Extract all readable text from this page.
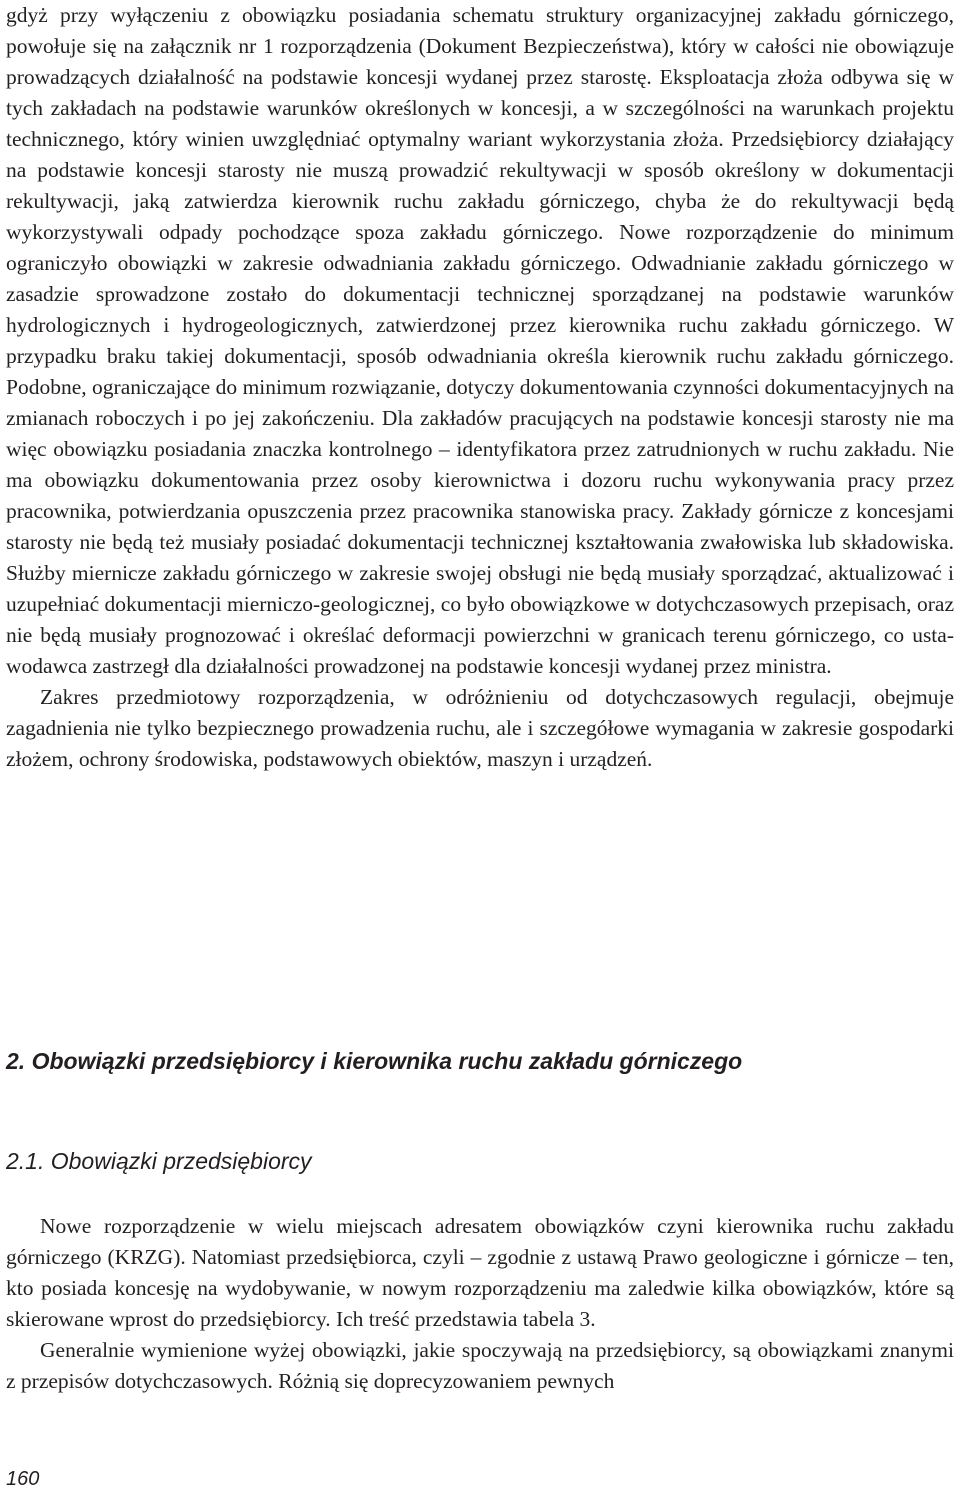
gdyż przy wyłączeniu z obowiązku posiadania schematu struktury organizacyjnej zakładu górniczego, powołuje się na załącznik nr 1 rozporządzenia (Dokument Bezpieczeństwa), który w całości nie obowiązuje prowadzących działalność na podstawie koncesji wydanej przez starostę. Eksploatacja złoża odbywa się w tych zakładach na podstawie warunków określonych w koncesji, a w szczególności na warunkach projektu technicznego, który winien uwzględniać optymalny wariant wykorzystania złoża. Przedsiębiorcy działający na podstawie koncesji starosty nie muszą prowadzić rekultywacji w sposób określony w dokumentacji rekultywacji, jaką zatwierdza kierownik ruchu zakładu górniczego, chyba że do rekultywacji będą wykorzystywali odpady pochodzące spoza zakładu górniczego. Nowe rozporządzenie do minimum ograniczyło obowiązki w zakresie odwadniania zakładu górniczego. Odwadnianie zakładu górniczego w zasadzie sprowadzone zostało do dokumentacji technicznej sporządzanej na podstawie warunków hydrologicznych i hydrogeologicznych, zatwierdzonej przez kierownika ruchu zakładu górniczego. W przypadku braku takiej dokumentacji, sposób odwadniania określa kierownik ruchu zakładu górniczego. Podobne, ograniczające do minimum rozwiązanie, dotyczy dokumentowania czynności dokumentacyjnych na zmianach roboczych i po jej zakończeniu. Dla zakładów pracujących na podstawie koncesji starosty nie ma więc obowiązku posiadania znaczka kontrolnego – identyfikatora przez zatrudnionych w ruchu zakładu. Nie ma obowiązku dokumentowania przez osoby kierownictwa i dozoru ruchu wykonywania pracy przez pracownika, potwierdzania opuszczenia przez pracownika stanowiska pracy. Zakłady górnicze z koncesjami starosty nie będą też musiały posiadać dokumentacji technicznej kształtowania zwałowiska lub składowiska. Służby miernicze zakładu górniczego w zakresie swojej obsługi nie będą musiały sporządzać, aktualizować i uzupełniać dokumentacji mierniczo-geologicznej, co było obowiązkowe w dotychczasowych przepisach, oraz nie będą musiały prognozować i określać deformacji powierzchni w granicach terenu górniczego, co ustawodawca zastrzegł dla działalności prowadzonej na podstawie koncesji wydanej przez ministra.

Zakres przedmiotowy rozporządzenia, w odróżnieniu od dotychczasowych regulacji, obejmuje zagadnienia nie tylko bezpiecznego prowadzenia ruchu, ale i szczegółowe wymagania w zakresie gospodarki złożem, ochrony środowiska, podstawowych obiektów, maszyn i urządzeń.

2. Obowiązki przedsiębiorcy i kierownika ruchu zakładu górniczego
2.1. Obowiązki przedsiębiorcy

Nowe rozporządzenie w wielu miejscach adresatem obowiązków czyni kierownika ruchu zakładu górniczego (KRZG). Natomiast przedsiębiorca, czyli – zgodnie z ustawą Prawo geologiczne i górnicze – ten, kto posiada koncesję na wydobywanie, w nowym rozporządzeniu ma zaledwie kilka obowiązków, które są skierowane wprost do przedsiębiorcy. Ich treść przedstawia tabela 3.

Generalnie wymienione wyżej obowiązki, jakie spoczywają na przedsiębiorcy, są obowiązkami znanymi z przepisów dotychczasowych. Różnią się doprecyzowaniem pewnych

160
